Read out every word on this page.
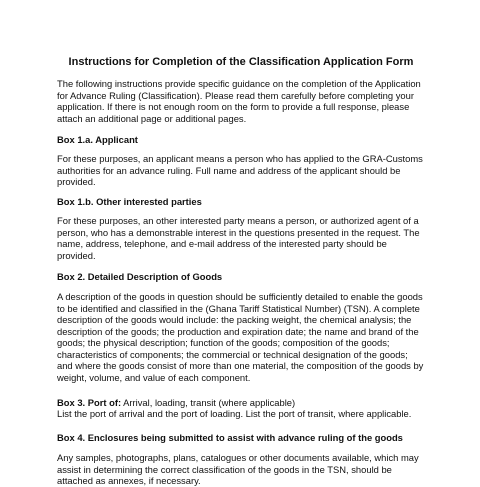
Instructions for Completion of the Classification Application Form

The following instructions provide specific guidance on the completion of the Application for Advance Ruling (Classification). Please read them carefully before completing your application. If there is not enough room on the form to provide a full response, please attach an additional page or additional pages.

Box 1.a. Applicant

For these purposes, an applicant means a person who has applied to the GRA-Customs authorities for an advance ruling. Full name and address of the applicant should be provided.

Box 1.b. Other interested parties

For these purposes, an other interested party means a person, or authorized agent of a person, who has a demonstrable interest in the questions presented in the request. The name, address, telephone, and e-mail address of the interested party should be provided.

Box 2. Detailed Description of Goods

A description of the goods in question should be sufficiently detailed to enable the goods to be identified and classified in the (Ghana Tariff Statistical Number) (TSN). A complete description of the goods would include: the packing weight, the chemical analysis; the description of the goods; the production and expiration date; the name and brand of the goods; the physical description; function of the goods; composition of the goods; characteristics of components; the commercial or technical designation of the goods; and where the goods consist of more than one material, the composition of the goods by weight, volume, and value of each component.

Box 3. Port of: Arrival, loading, transit (where applicable)

List the port of arrival and the port of loading. List the port of transit, where applicable.

Box 4. Enclosures being submitted to assist with advance ruling of the goods

Any samples, photographs, plans, catalogues or other documents available, which may assist in determining the correct classification of the goods in the TSN, should be attached as annexes, if necessary.
